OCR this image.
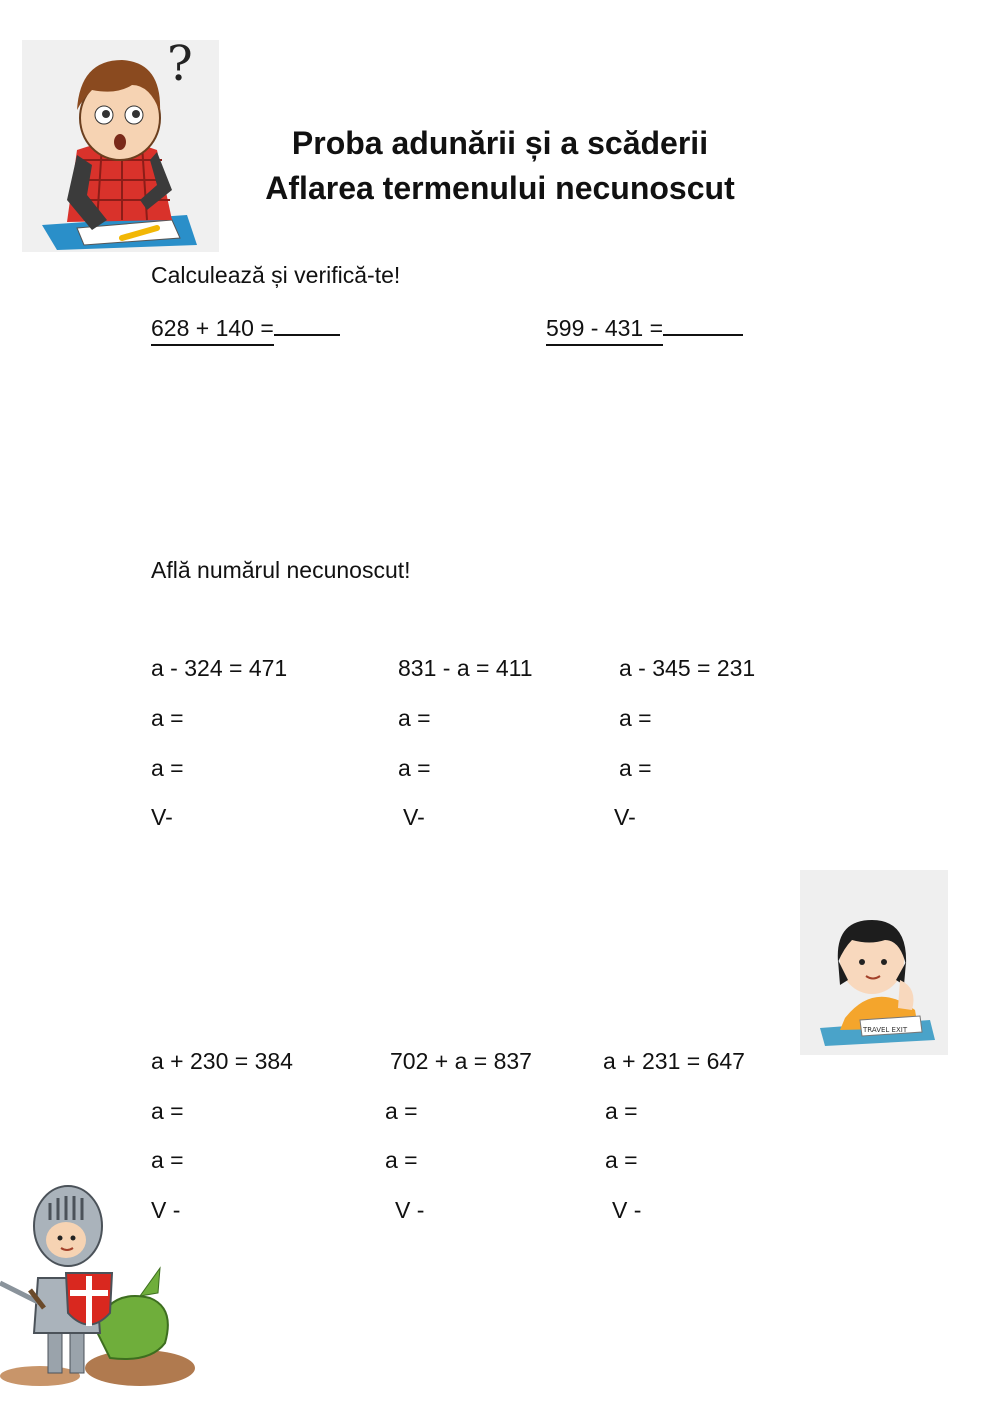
?
Proba adunării și a scăderii
Aflarea termenului necunoscut
Calculează și verifică-te!
628 + 140 =	599 - 431 =
Află numărul necunoscut!
a - 324 = 471	831 - a = 411	a - 345 = 231
a =	a =	a =
a =	a =	a =
V-	V-	V-
TRAVEL EXIT
a + 230 = 384	702 + a = 837	a + 231 = 647
a =	a =	a =
a =	a =	a =
V -	V -	V -
